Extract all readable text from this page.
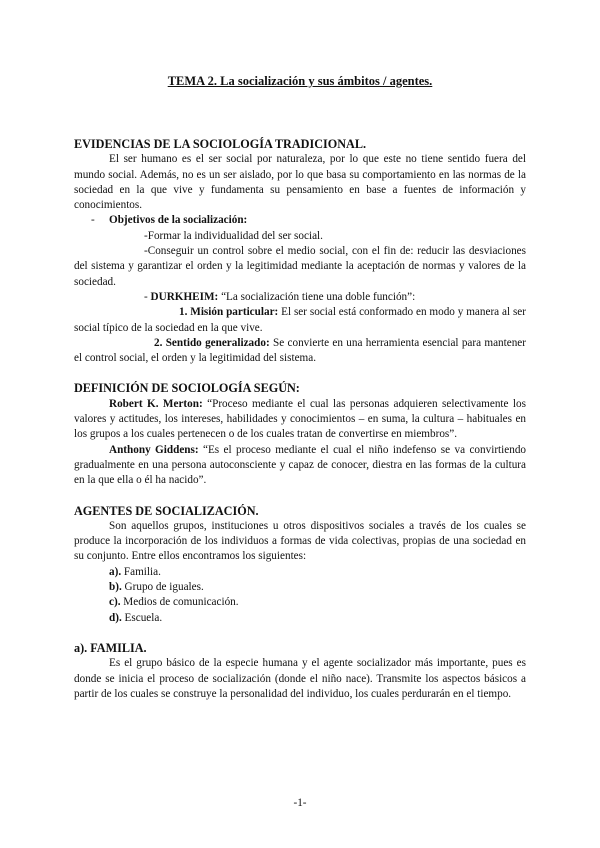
TEMA 2. La socialización y sus ámbitos / agentes.

EVIDENCIAS DE LA SOCIOLOGÍA TRADICIONAL.

El ser humano es el ser social por naturaleza, por lo que este no tiene sentido fuera del mundo social. Además, no es un ser aislado, por lo que basa su comportamiento en las normas de la sociedad en la que vive y fundamenta su pensamiento en base a fuentes de información y conocimientos.

- Objetivos de la socialización:

-Formar la individualidad del ser social.

-Conseguir un control sobre el medio social, con el fin de: reducir las desviaciones del sistema y garantizar el orden y la legitimidad mediante la aceptación de normas y valores de la sociedad.

- DURKHEIM: “La socialización tiene una doble función”:

1. Misión particular: El ser social está conformado en modo y manera al ser social típico de la sociedad en la que vive.

2. Sentido generalizado: Se convierte en una herramienta esencial para mantener el control social, el orden y la legitimidad del sistema.

DEFINICIÓN DE SOCIOLOGÍA SEGÚN:

Robert K. Merton: “Proceso mediante el cual las personas adquieren selectivamente los valores y actitudes, los intereses, habilidades y conocimientos – en suma, la cultura – habituales en los grupos a los cuales pertenecen o de los cuales tratan de convertirse en miembros”.

Anthony Giddens: “Es el proceso mediante el cual el niño indefenso se va convirtiendo gradualmente en una persona autoconsciente y capaz de conocer, diestra en las formas de la cultura en la que ella o él ha nacido”.

AGENTES DE SOCIALIZACIÓN.

Son aquellos grupos, instituciones u otros dispositivos sociales a través de los cuales se produce la incorporación de los individuos a formas de vida colectivas, propias de una sociedad en su conjunto. Entre ellos encontramos los siguientes:

a). Familia.

b). Grupo de iguales.

c). Medios de comunicación.

d). Escuela.

a). FAMILIA.

Es el grupo básico de la especie humana y el agente socializador más importante, pues es donde se inicia el proceso de socialización (donde el niño nace). Transmite los aspectos básicos a partir de los cuales se construye la personalidad del individuo, los cuales perdurarán en el tiempo.

-1-
